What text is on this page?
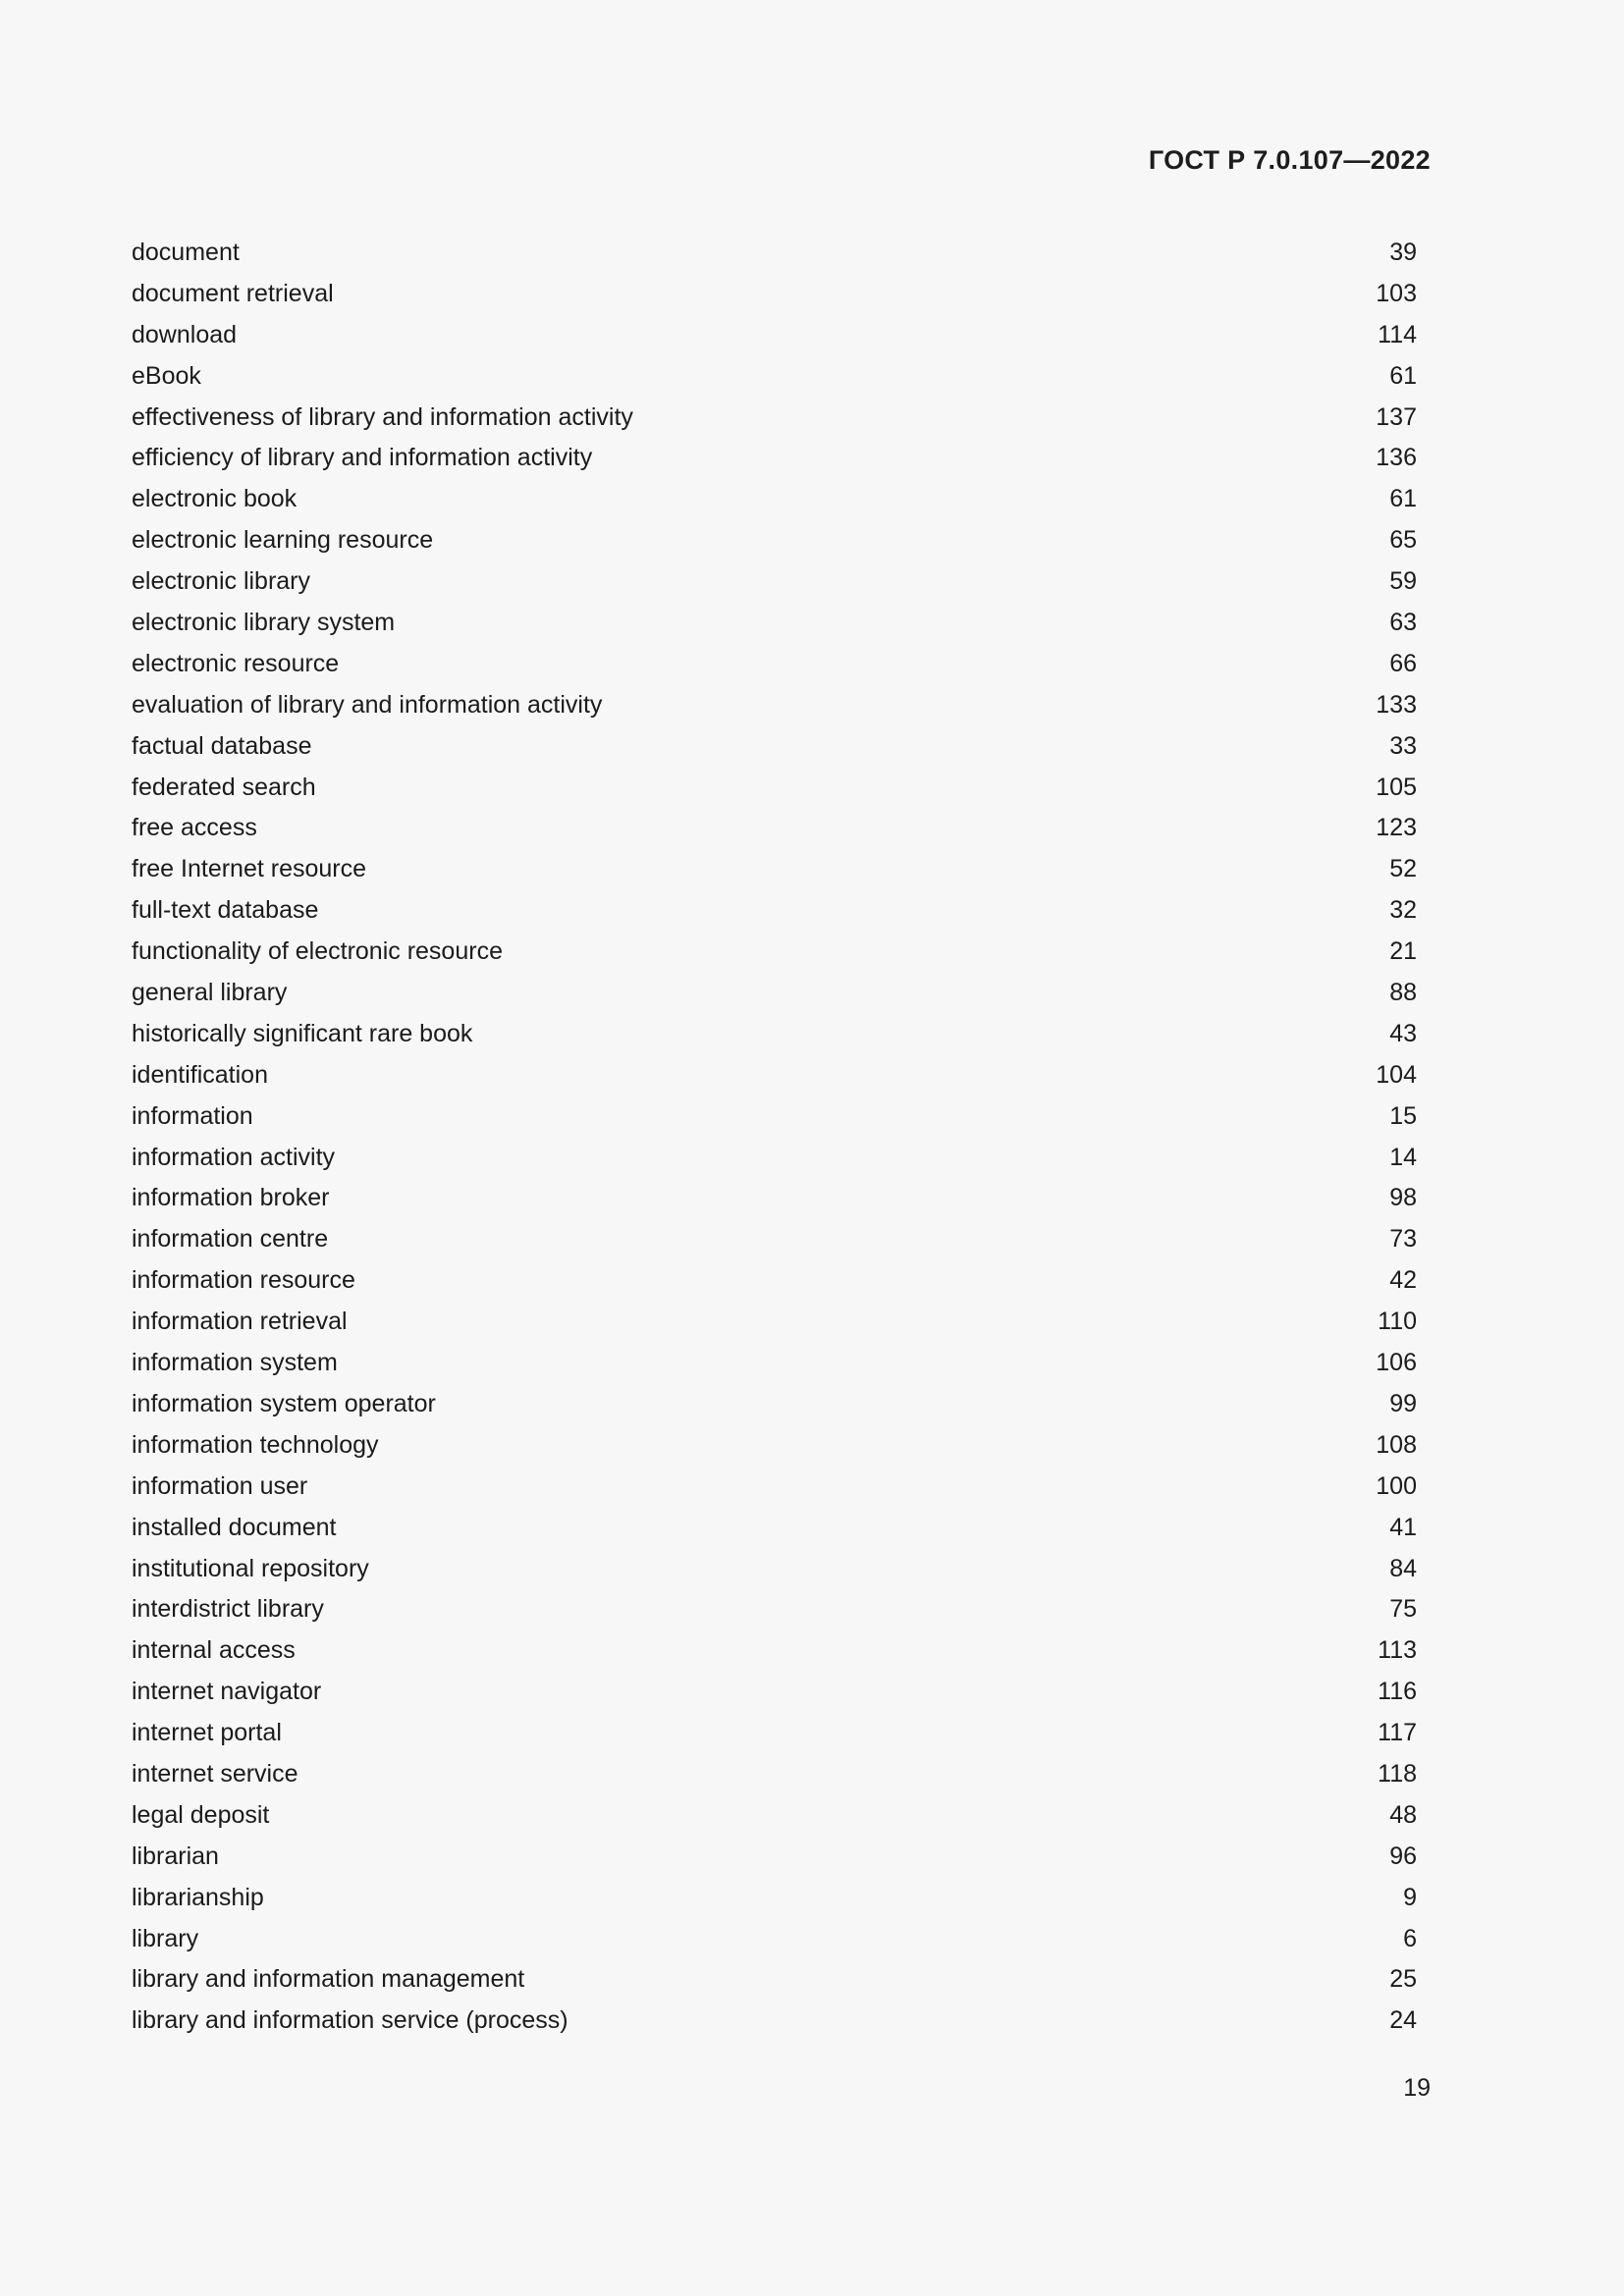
ГОСТ Р 7.0.107—2022
document	39
document retrieval	103
download	114
eBook	61
effectiveness of library and information activity	137
efficiency of library and information activity	136
electronic book	61
electronic learning resource	65
electronic library	59
electronic library system	63
electronic resource	66
evaluation of library and information activity	133
factual database	33
federated search	105
free access	123
free Internet resource	52
full-text database	32
functionality of electronic resource	21
general library	88
historically significant rare book	43
identification	104
information	15
information activity	14
information broker	98
information centre	73
information resource	42
information retrieval	110
information system	106
information system operator	99
information technology	108
information user	100
installed document	41
institutional repository	84
interdistrict library	75
internal access	113
internet navigator	116
internet portal	117
internet service	118
legal deposit	48
librarian	96
librarianship	9
library	6
library and information management	25
library and information service (process)	24
19
